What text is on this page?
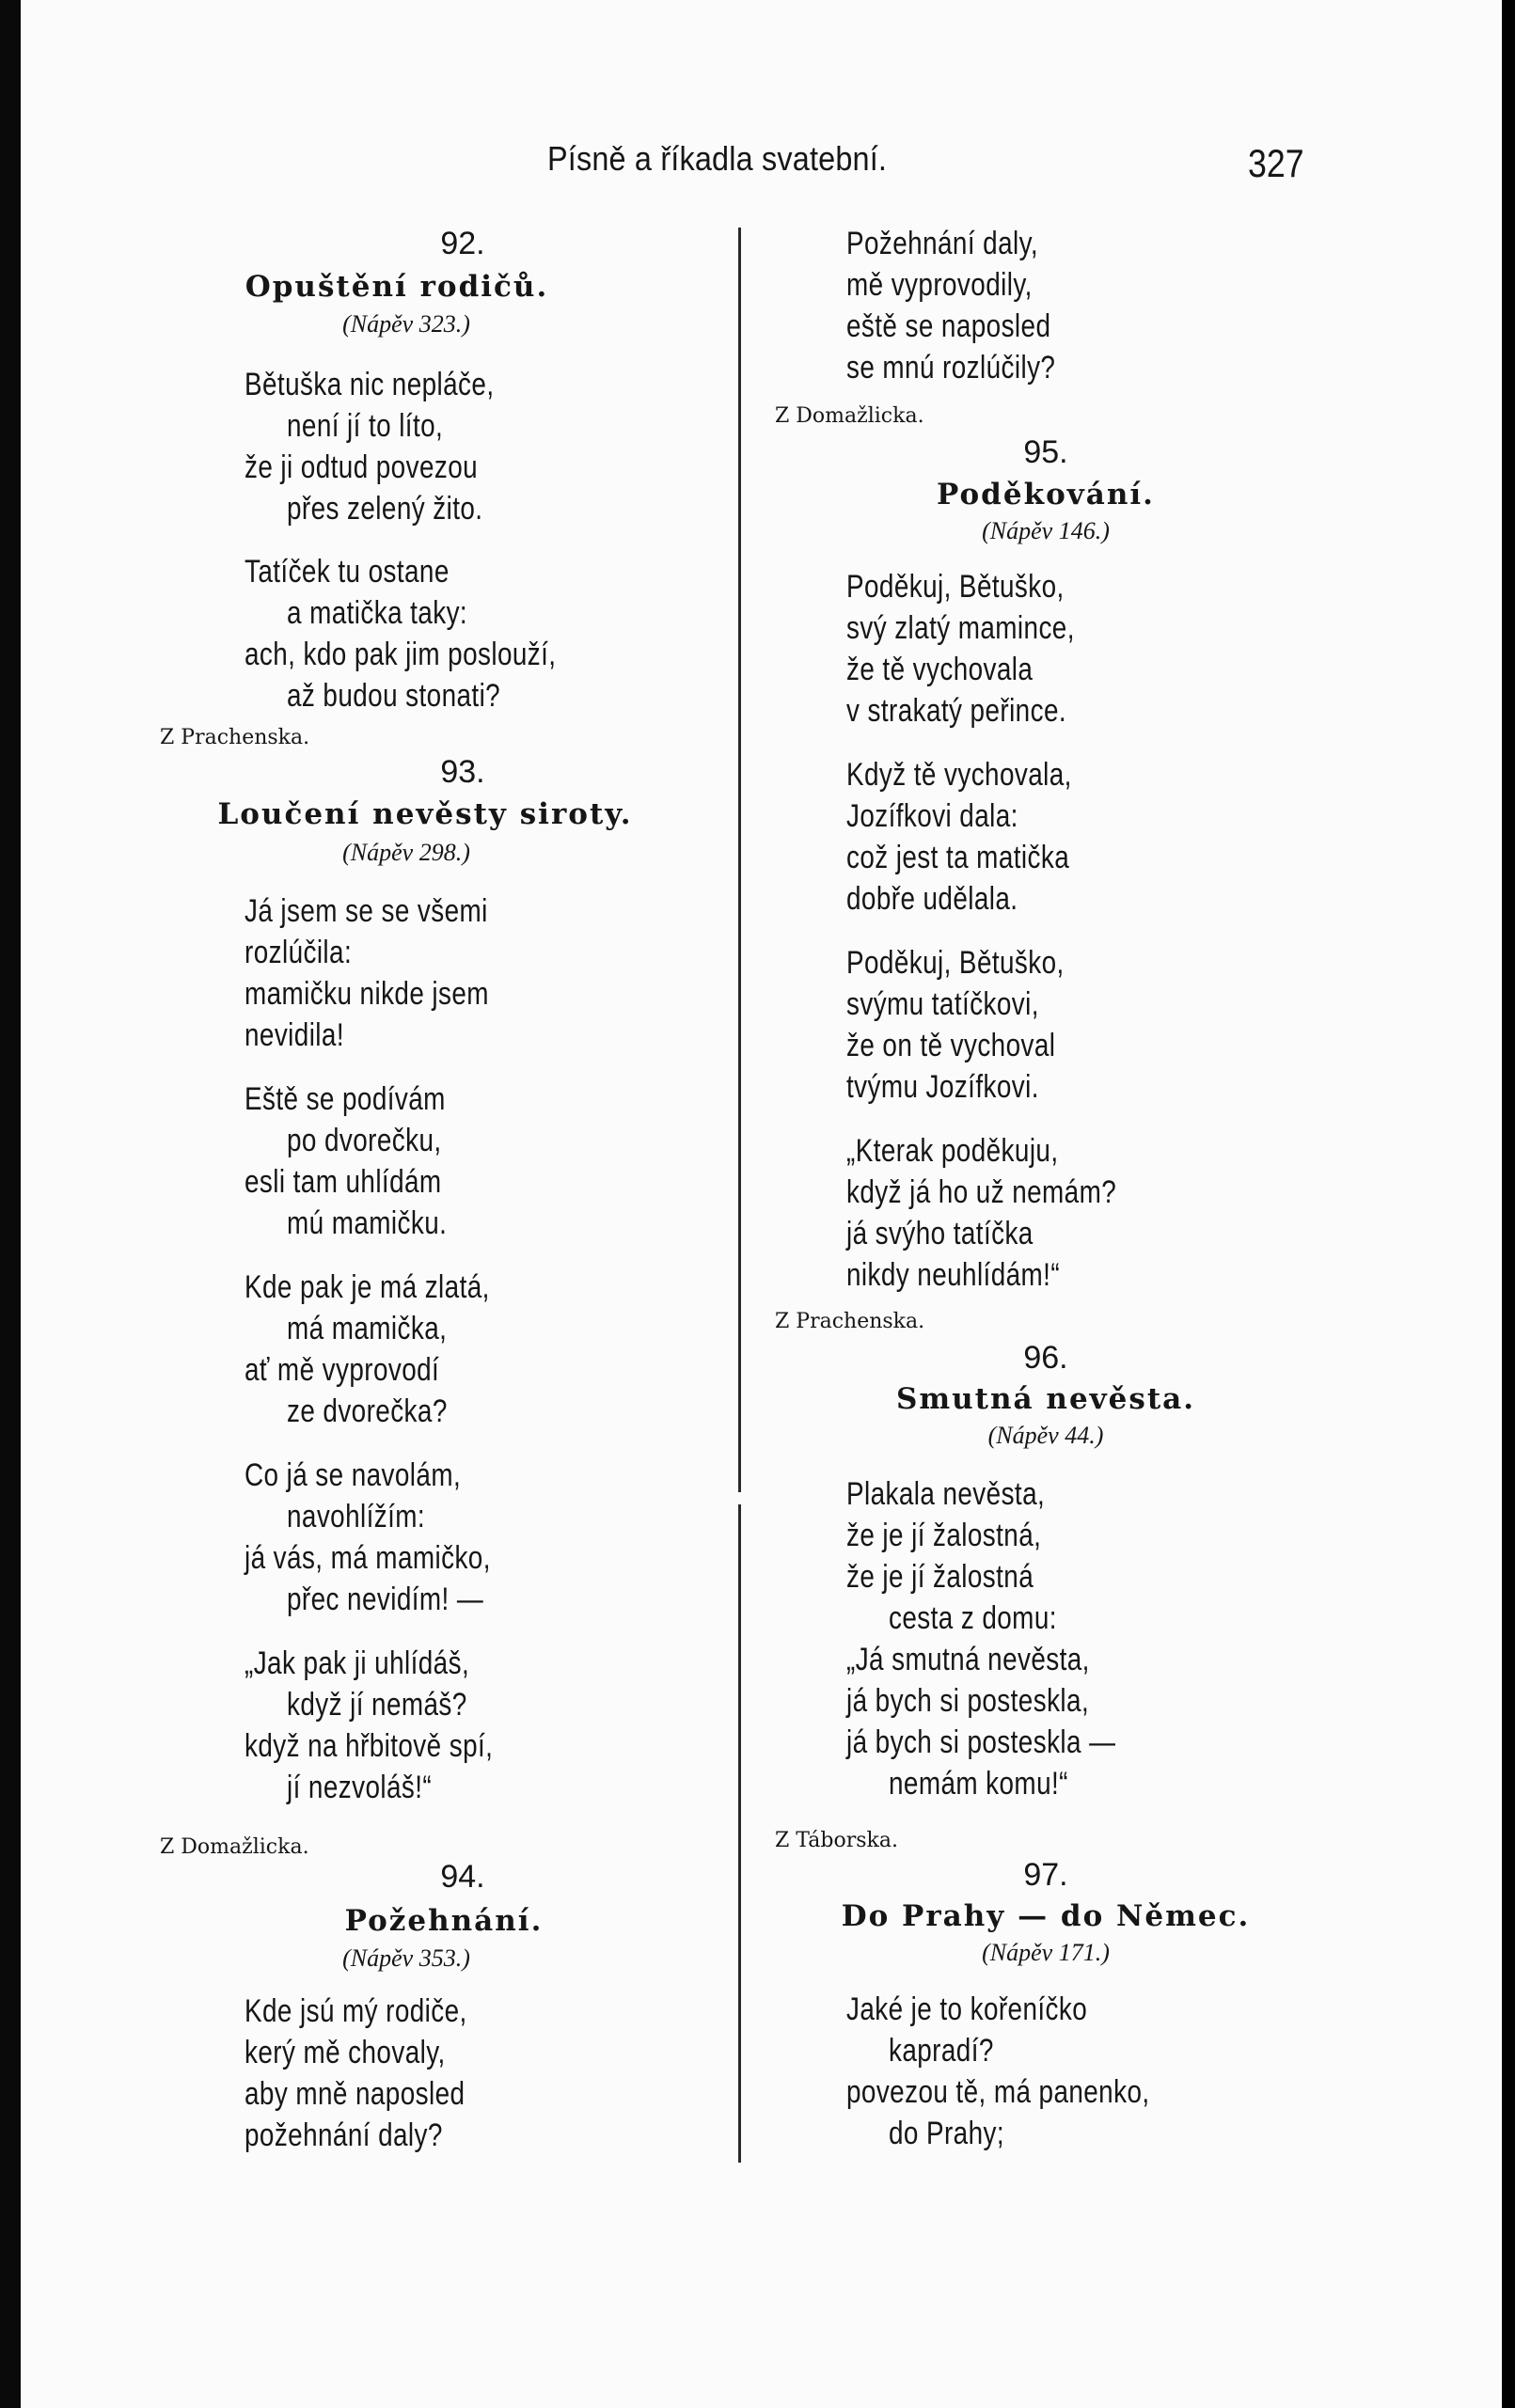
Písně a říkadla svatební.	327
92.
Opuštění rodičů.
(Nápěv 323.)
Bětuška nic nepláče,
není jí to líto,
že ji odtud povezou
přes zelený žito.
Tatíček tu ostane
a matička taky:
ach, kdo pak jim poslouží,
až budou stonati?
Z Prachenska.
93.
Loučení nevěsty siroty.
(Nápěv 298.)
Já jsem se se všemi
rozlúčila:
mamičku nikde jsem
nevidila!
Eště se podívám
po dvorečku,
esli tam uhlídám
mú mamičku.
Kde pak je má zlatá,
má mamička,
ať mě vyprovodí
ze dvorečka?
Co já se navolám,
navohlížím:
já vás, má mamičko,
přec nevidím! —
„Jak pak ji uhlídáš,
když jí nemáš?
když na hřbitově spí,
jí nezvoláš!“
Z Domažlicka.
94.
Požehnání.
(Nápěv 353.)
Kde jsú mý rodiče,
kerý mě chovaly,
aby mně naposled
požehnání daly?
Požehnání daly,
mě vyprovodily,
eště se naposled
se mnú rozlúčily?
Z Domažlicka.
95.
Poděkování.
(Nápěv 146.)
Poděkuj, Bětuško,
svý zlatý mamince,
že tě vychovala
v strakatý peřince.
Když tě vychovala,
Jozífkovi dala:
což jest ta matička
dobře udělala.
Poděkuj, Bětuško,
svýmu tatíčkovi,
že on tě vychoval
tvýmu Jozífkovi.
„Kterak poděkuju,
když já ho už nemám?
já svýho tatíčka
nikdy neuhlídám!“
Z Prachenska.
96.
Smutná nevěsta.
(Nápěv 44.)
Plakala nevěsta,
že je jí žalostná,
že je jí žalostná
cesta z domu:
„Já smutná nevěsta,
já bych si posteskla,
já bych si posteskla —
nemám komu!“
Z Táborska.
97.
Do Prahy — do Němec.
(Nápěv 171.)
Jaké je to kořeníčko
kapradí?
povezou tě, má panenko,
do Prahy;
